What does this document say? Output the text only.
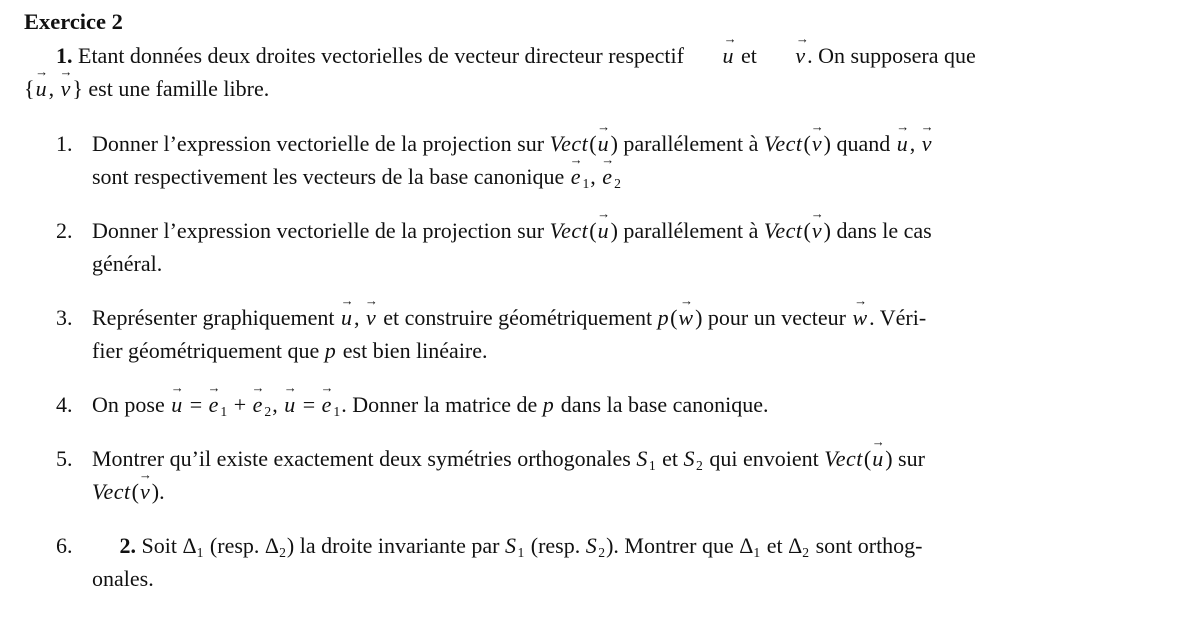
Exercice 2

1. Etant données deux droites vectorielles de vecteur directeur respectif
→
u et
→
v. On supposera que
{
→
u,
→
v} est une famille libre.

1. Donner l’expression vectorielle de la projection sur Vect(
→
u) parallélement à Vect(
→
v) quand
→
u,
→
v
sont respectivement les vecteurs de la base canonique
→
e $_1$,
→
e $_2$
2. Donner l’expression vectorielle de la projection sur Vect(
→
u) parallélement à Vect(
→
v) dans le cas
général.
3. Représenter graphiquement
→
u,
→
v et construire géométriquement p(
→
w) pour un vecteur
→
w. Véri-
fier géométriquement que p est bien linéaire.
4. On pose
→
u =
→
e $_1$ +
→
e $_2$,
→
u =
→
e $_1$. Donner la matrice de p dans la base canonique.
5. Montrer qu’il existe exactement deux symétries orthogonales $S_1$ et $S_2$ qui envoient Vect(
→
u) sur
Vect(
→
v).
6.	2. Soit $\Delta_1$ (resp. $\Delta_2$) la droite invariante par $S_1$ (resp. $S_2$). Montrer que $\Delta_1$ et $\Delta_2$ sont orthog-
onales.
